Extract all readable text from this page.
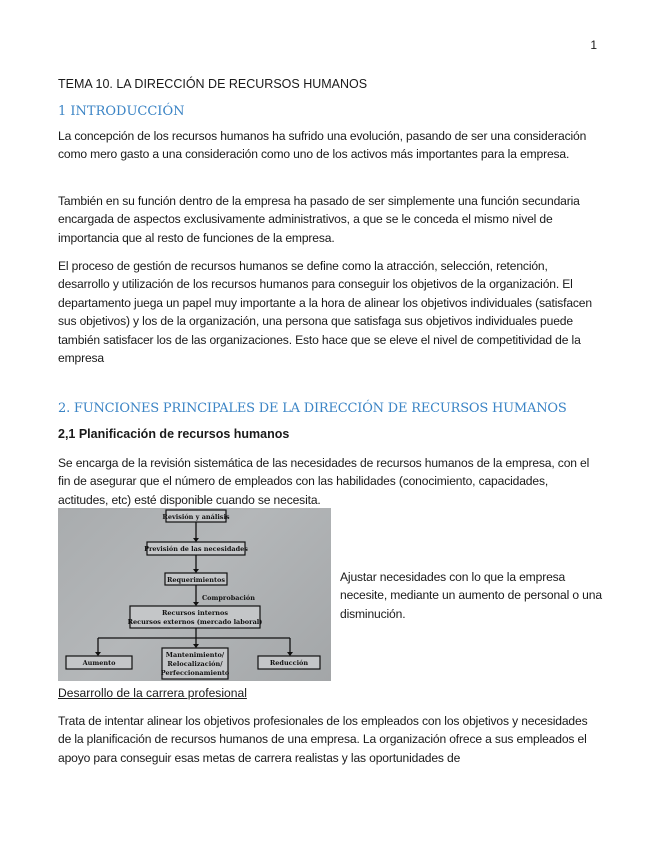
1
TEMA 10. LA DIRECCIÓN DE RECURSOS HUMANOS
1 INTRODUCCIÓN

La concepción de los recursos humanos ha sufrido una evolución, pasando de ser una consideración como mero gasto a una consideración como uno de los activos más importantes para la empresa.

También en su función dentro de la empresa ha pasado de ser simplemente una función secundaria encargada de aspectos exclusivamente administrativos, a que se le conceda el mismo nivel de importancia que al resto de funciones de la empresa.

El proceso de gestión de recursos humanos se define como la atracción, selección, retención, desarrollo y utilización de los recursos humanos para conseguir los objetivos de la organización. El departamento juega un papel muy importante a la hora de alinear los objetivos individuales (satisfacen sus objetivos) y los de la organización, una persona que satisfaga sus objetivos individuales puede también satisfacer los de las organizaciones. Esto hace que se eleve el nivel de competitividad de la empresa

2. FUNCIONES PRINCIPALES DE LA DIRECCIÓN DE RECURSOS HUMANOS
2,1 Planificación de recursos humanos

Se encarga de la revisión sistemática de las necesidades de recursos humanos de la empresa, con el fin de asegurar que el número de empleados con las habilidades (conocimiento, capacidades, actitudes, etc) esté disponible cuando se necesita.

Revisión y análisis
Previsión de las necesidades
Requerimientos
Comprobación
Recursos internos
Recursos externos (mercado laboral)
Aumento
Mantenimiento/
Relocalización/
Perfeccionamiento
Reducción

Ajustar necesidades con lo que la empresa necesite, mediante un aumento de personal o una disminución.

Desarrollo de la carrera profesional

Trata de intentar alinear los objetivos profesionales de los empleados con los objetivos y necesidades de la planificación de recursos humanos de una empresa. La organización ofrece a sus empleados el apoyo para conseguir esas metas de carrera realistas y las oportunidades de
